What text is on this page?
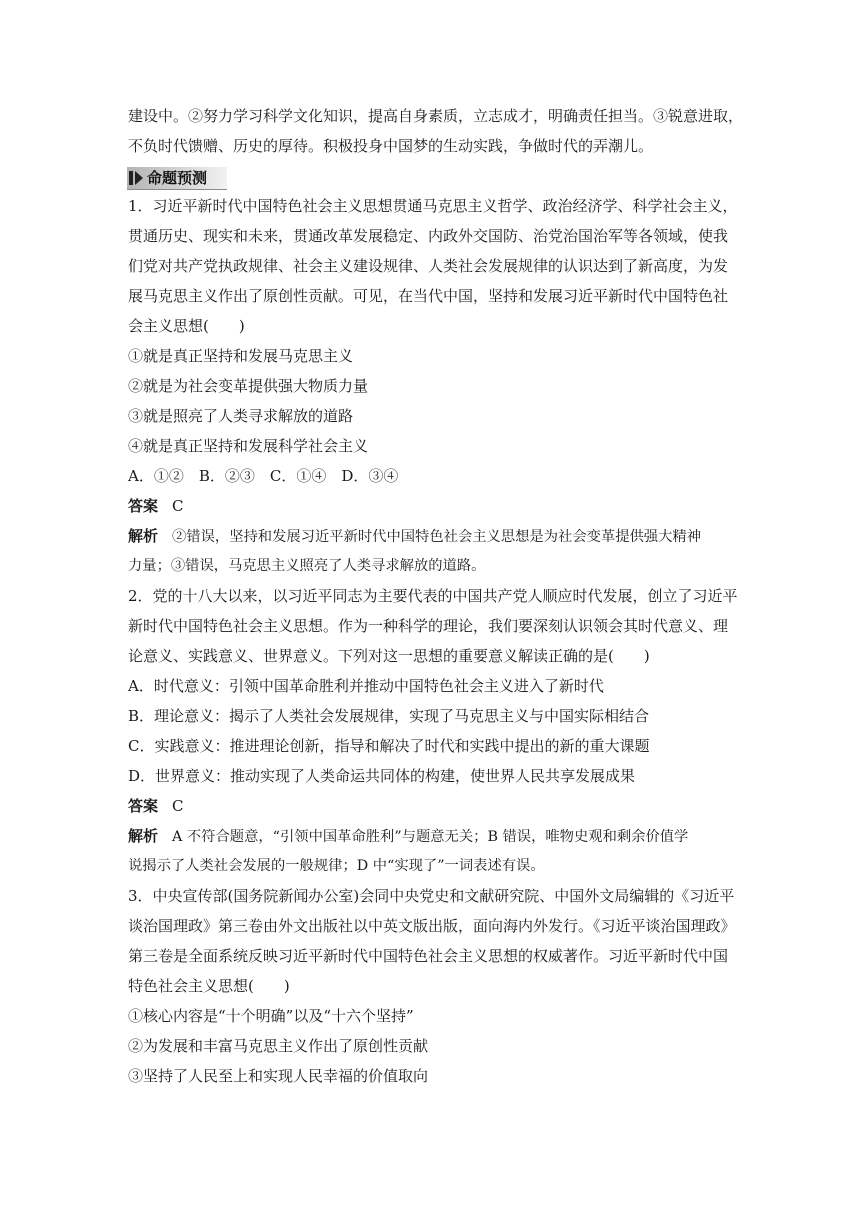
建设中。②努力学习科学文化知识，提高自身素质，立志成才，明确责任担当。③锐意进取，
不负时代馈赠、历史的厚待。积极投身中国梦的生动实践，争做时代的弄潮儿。
命题预测
1．习近平新时代中国特色社会主义思想贯通马克思主义哲学、政治经济学、科学社会主义，
贯通历史、现实和未来，贯通改革发展稳定、内政外交国防、治党治国治军等各领域，使我
们党对共产党执政规律、社会主义建设规律、人类社会发展规律的认识达到了新高度，为发
展马克思主义作出了原创性贡献。可见，在当代中国，坚持和发展习近平新时代中国特色社
会主义思想(　　)
①就是真正坚持和发展马克思主义
②就是为社会变革提供强大物质力量
③就是照亮了人类寻求解放的道路
④就是真正坚持和发展科学社会主义
A．①②　B．②③　C．①④　D．③④
答案 C
解析 ②错误，坚持和发展习近平新时代中国特色社会主义思想是为社会变革提供强大精神
力量；③错误，马克思主义照亮了人类寻求解放的道路。
2．党的十八大以来，以习近平同志为主要代表的中国共产党人顺应时代发展，创立了习近平
新时代中国特色社会主义思想。作为一种科学的理论，我们要深刻认识领会其时代意义、理
论意义、实践意义、世界意义。下列对这一思想的重要意义解读正确的是(　　)
A．时代意义：引领中国革命胜利并推动中国特色社会主义进入了新时代
B．理论意义：揭示了人类社会发展规律，实现了马克思主义与中国实际相结合
C．实践意义：推进理论创新，指导和解决了时代和实践中提出的新的重大课题
D．世界意义：推动实现了人类命运共同体的构建，使世界人民共享发展成果
答案 C
解析 A 不符合题意，“引领中国革命胜利”与题意无关；B 错误，唯物史观和剩余价值学
说揭示了人类社会发展的一般规律；D 中“实现了”一词表述有误。
3．中央宣传部(国务院新闻办公室)会同中央党史和文献研究院、中国外文局编辑的《习近平
谈治国理政》第三卷由外文出版社以中英文版出版，面向海内外发行。《习近平谈治国理政》
第三卷是全面系统反映习近平新时代中国特色社会主义思想的权威著作。习近平新时代中国
特色社会主义思想(　　)
①核心内容是“十个明确”以及“十六个坚持”
②为发展和丰富马克思主义作出了原创性贡献
③坚持了人民至上和实现人民幸福的价值取向
